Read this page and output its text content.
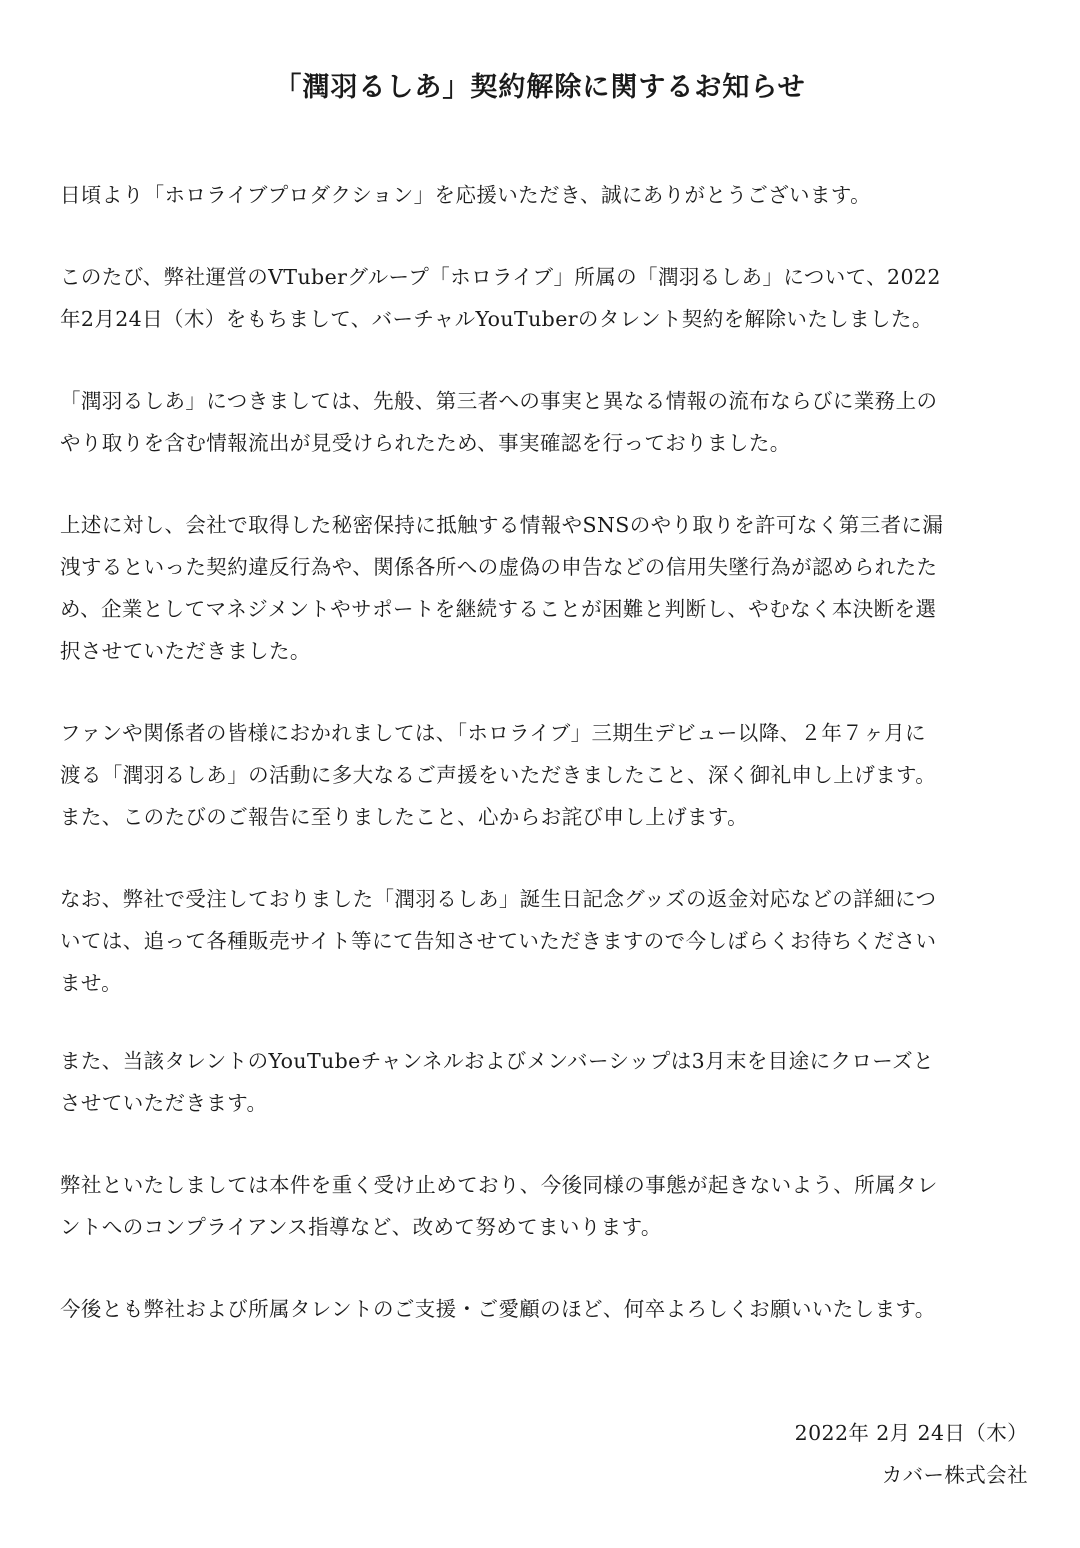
「潤羽るしあ」契約解除に関するお知らせ
日頃より「ホロライブプロダクション」を応援いただき、誠にありがとうございます。
このたび、弊社運営のVTuberグループ「ホロライブ」所属の「潤羽るしあ」について、2022
年2月24日（木）をもちまして、バーチャルYouTuberのタレント契約を解除いたしました。
「潤羽るしあ」につきましては、先般、第三者への事実と異なる情報の流布ならびに業務上の
やり取りを含む情報流出が見受けられたため、事実確認を行っておりました。
上述に対し、会社で取得した秘密保持に抵触する情報やSNSのやり取りを許可なく第三者に漏
洩するといった契約違反行為や、関係各所への虚偽の申告などの信用失墜行為が認められたた
め、企業としてマネジメントやサポートを継続することが困難と判断し、やむなく本決断を選
択させていただきました。
ファンや関係者の皆様におかれましては、「ホロライブ」三期生デビュー以降、２年７ヶ月に
渡る「潤羽るしあ」の活動に多大なるご声援をいただきましたこと、深く御礼申し上げます。
また、このたびのご報告に至りましたこと、心からお詫び申し上げます。
なお、弊社で受注しておりました「潤羽るしあ」誕生日記念グッズの返金対応などの詳細につ
いては、追って各種販売サイト等にて告知させていただきますので今しばらくお待ちください
ませ。
また、当該タレントのYouTubeチャンネルおよびメンバーシップは3月末を目途にクローズと
させていただきます。
弊社といたしましては本件を重く受け止めており、今後同様の事態が起きないよう、所属タレ
ントへのコンプライアンス指導など、改めて努めてまいります。
今後とも弊社および所属タレントのご支援・ご愛顧のほど、何卒よろしくお願いいたします。
2022年 2月 24日（木）
カバー株式会社
